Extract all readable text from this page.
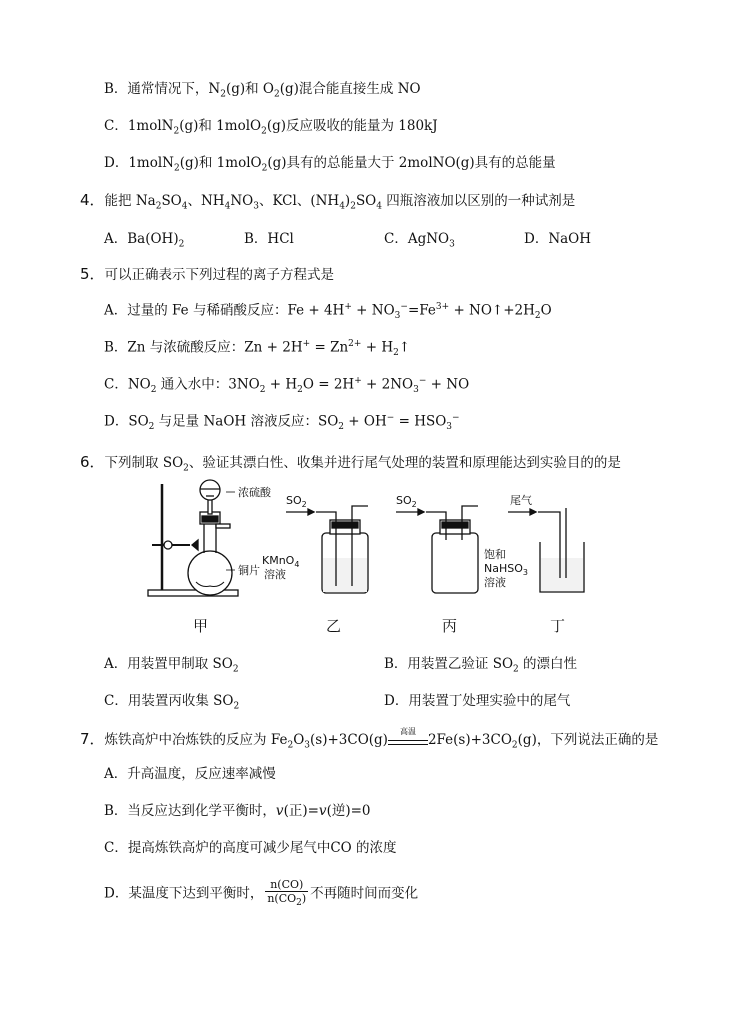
B．通常情况下，$N_2(g)$和 $O_2(g)$混合能直接生成 NO
C．1molN$_2$(g)和 1molO$_2$(g)反应吸收的能量为 180kJ
D．1molN$_2$(g)和 1molO$_2$(g)具有的总能量大于 2molNO(g)具有的总能量
4．能把 $Na_2SO_4$、$NH_4NO_3$、KCl、$(NH_4)_2SO_4$ 四瓶溶液加以区别的一种试剂是
A．$Ba(OH)_2$	B．HCl	C．AgNO$_3$	D．NaOH
5．可以正确表示下列过程的离子方程式是
A．过量的 Fe 与稀硝酸反应：$Fe + 4H^+ + NO_3^-=Fe^{3+}$ + $NO↑+2H_2O$
B．Zn 与浓硫酸反应：$Zn + 2H^+ = Zn^{2+}$ + $H_2↑$
C．$NO_2$ 通入水中：$3NO_2 + H_2O = 2H^+ + 2NO_3^-$ + NO
D．$SO_2$ 与足量 NaOH 溶液反应：$SO_2 + OH^- = HSO_3^-$
6．下列制取 $SO_2$、验证其漂白性、收集并进行尾气处理的装置和原理能达到实验目的的是
浓硫酸
铜片
$SO_2$
KMnO$_4$
溶液
$SO_2$	尾气
饱和
NaHSO$_3$
溶液
甲	乙	丙	丁
A．用装置甲制取 $SO_2$	B．用装置乙验证 $SO_2$ 的漂白性
C．用装置丙收集 $SO_2$	D．用装置丁处理实验中的尾气
7．炼铁高炉中冶炼铁的反应为 $Fe_2O_3(s)+3CO(g)$
高温
$2Fe(s)+3CO_2(g)$，下列说法正确的是
A．升高温度，反应速率减慢
B．当反应达到化学平衡时，v(正)=v(逆)=0
C．提高炼铁高炉的高度可减少尾气中CO 的浓度
D．某温度下达到平衡时， $\frac{n(CO)}{n(CO_2)}$ 不再随时间而变化
